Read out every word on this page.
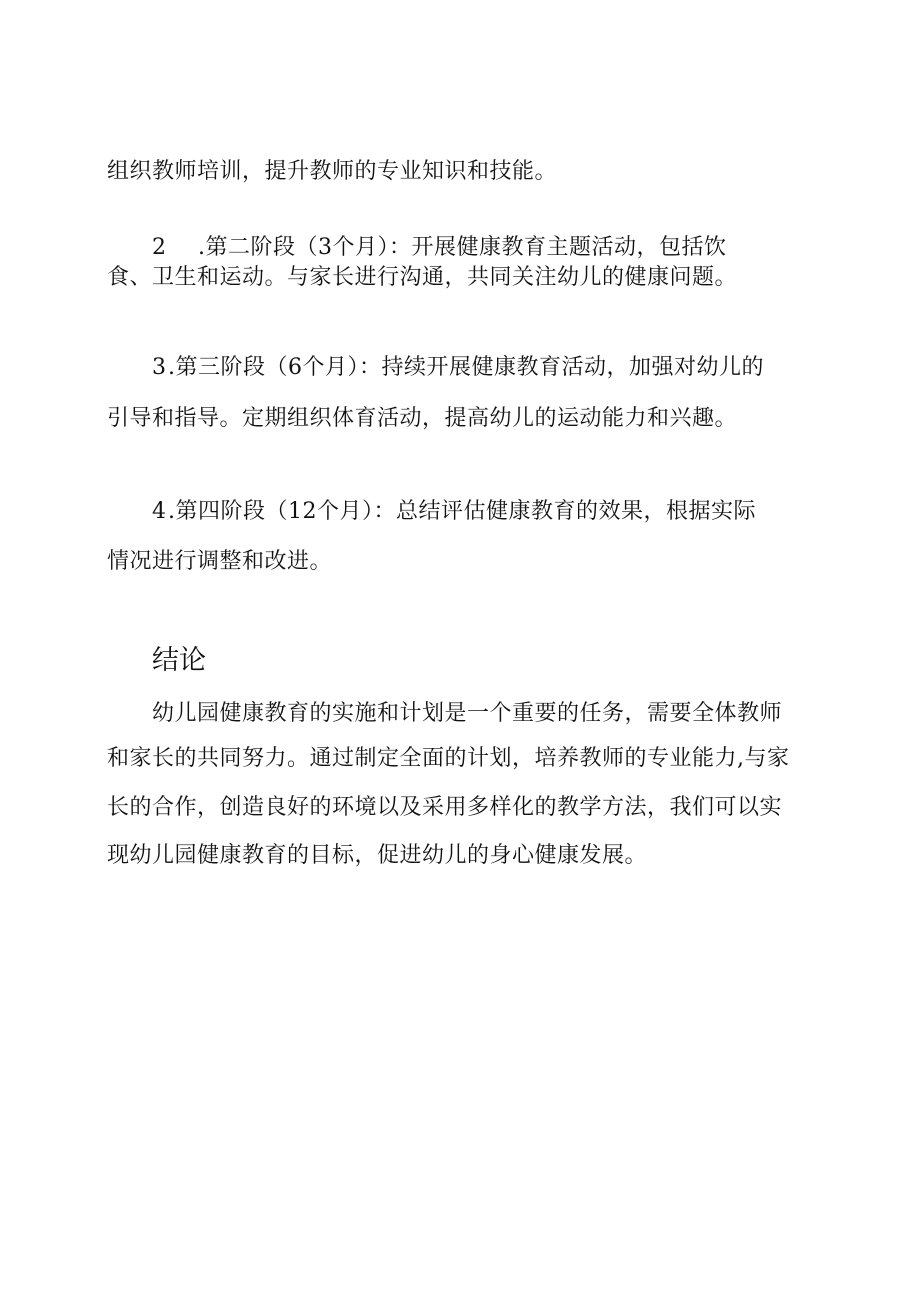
组织教师培训，提升教师的专业知识和技能。
2 .第二阶段（3个月）：开展健康教育主题活动，包括饮
食、卫生和运动。与家长进行沟通，共同关注幼儿的健康问题。
3.第三阶段（6个月）：持续开展健康教育活动，加强对幼儿的
引导和指导。定期组织体育活动，提高幼儿的运动能力和兴趣。
4.第四阶段（12个月）：总结评估健康教育的效果，根据实际
情况进行调整和改进。
结论
幼儿园健康教育的实施和计划是一个重要的任务，需要全体教师
和家长的共同努力。通过制定全面的计划，培养教师的专业能力,与家
长的合作，创造良好的环境以及采用多样化的教学方法，我们可以实
现幼儿园健康教育的目标，促进幼儿的身心健康发展。
